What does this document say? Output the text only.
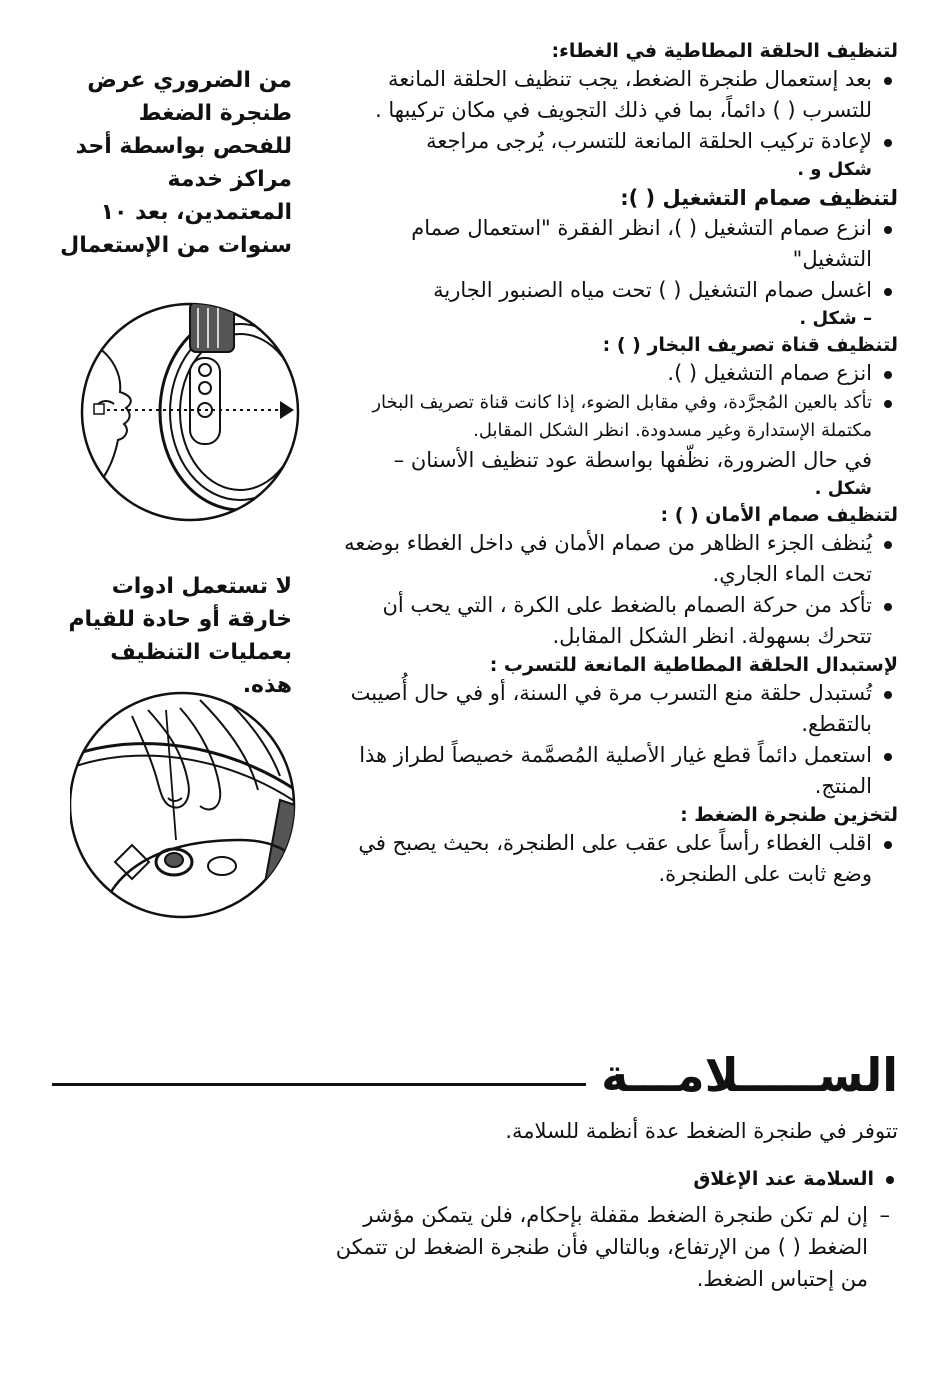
لتنظيف الحلقة المطاطية في الغطاء:

بعد إستعمال طنجرة الضغط، يجب تنظيف الحلقة المانعة للتسرب ( ) دائماً، بما في ذلك التجويف في مكان تركيبها .
لإعادة تركيب الحلقة المانعة للتسرب، يُرجى مراجعة
شكل و .

لتنظيف صمام التشغيل ( ):

انزع صمام التشغيل ( )، انظر الفقرة "استعمال صمام التشغيل"
اغسل صمام التشغيل ( ) تحت مياه الصنبور الجارية
– شكل .

لتنظيف قناة تصريف البخار ( ) :

انزع صمام التشغيل ( ).
تأكد بالعين المُجرَّدة، وفي مقابل الضوء، إذا كانت قناة تصريف البخار مكتملة الإستدارة وغير مسدودة. انظر الشكل المقابل.
في حال الضرورة، نظّفها بواسطة عود تنظيف الأسنان –
شكل .

لتنظيف صمام الأمان ( ) :

يُنظف الجزء الظاهر من صمام الأمان في داخل الغطاء بوضعه تحت الماء الجاري.
تأكد من حركة الصمام بالضغط على الكرة ، التي يحب أن تتحرك بسهولة. انظر الشكل المقابل.

لإستبدال الحلقة المطاطية المانعة للتسرب :

تُستبدل حلقة منع التسرب مرة في السنة، أو في حال أُصيبت بالتقطع.
استعمل دائماً قطع غيار الأصلية المُصمَّمة خصيصاً لطراز هذا المنتج.

لتخزين طنجرة الضغط :

اقلب الغطاء رأساً على عقب على الطنجرة، بحيث يصبح في وضع ثابت على الطنجرة.
من الضروري عرض
طنجرة الضغط
للفحص بواسطة أحد
مراكز خدمة
المعتمدين، بعد ١٠
سنوات من الإستعمال
لا تستعمل ادوات
خارقة أو حادة للقيام
بعمليات التنظيف
هذه.
الســـــلامـــة
تتوفر في طنجرة الضغط عدة أنظمة للسلامة.
السلامة عند الإغلاق
–
إن لم تكن طنجرة الضغط مقفلة بإحكام، فلن يتمكن مؤشر الضغط ( ) من الإرتفاع، وبالتالي فأن طنجرة الضغط لن تتمكن من إحتباس الضغط.
